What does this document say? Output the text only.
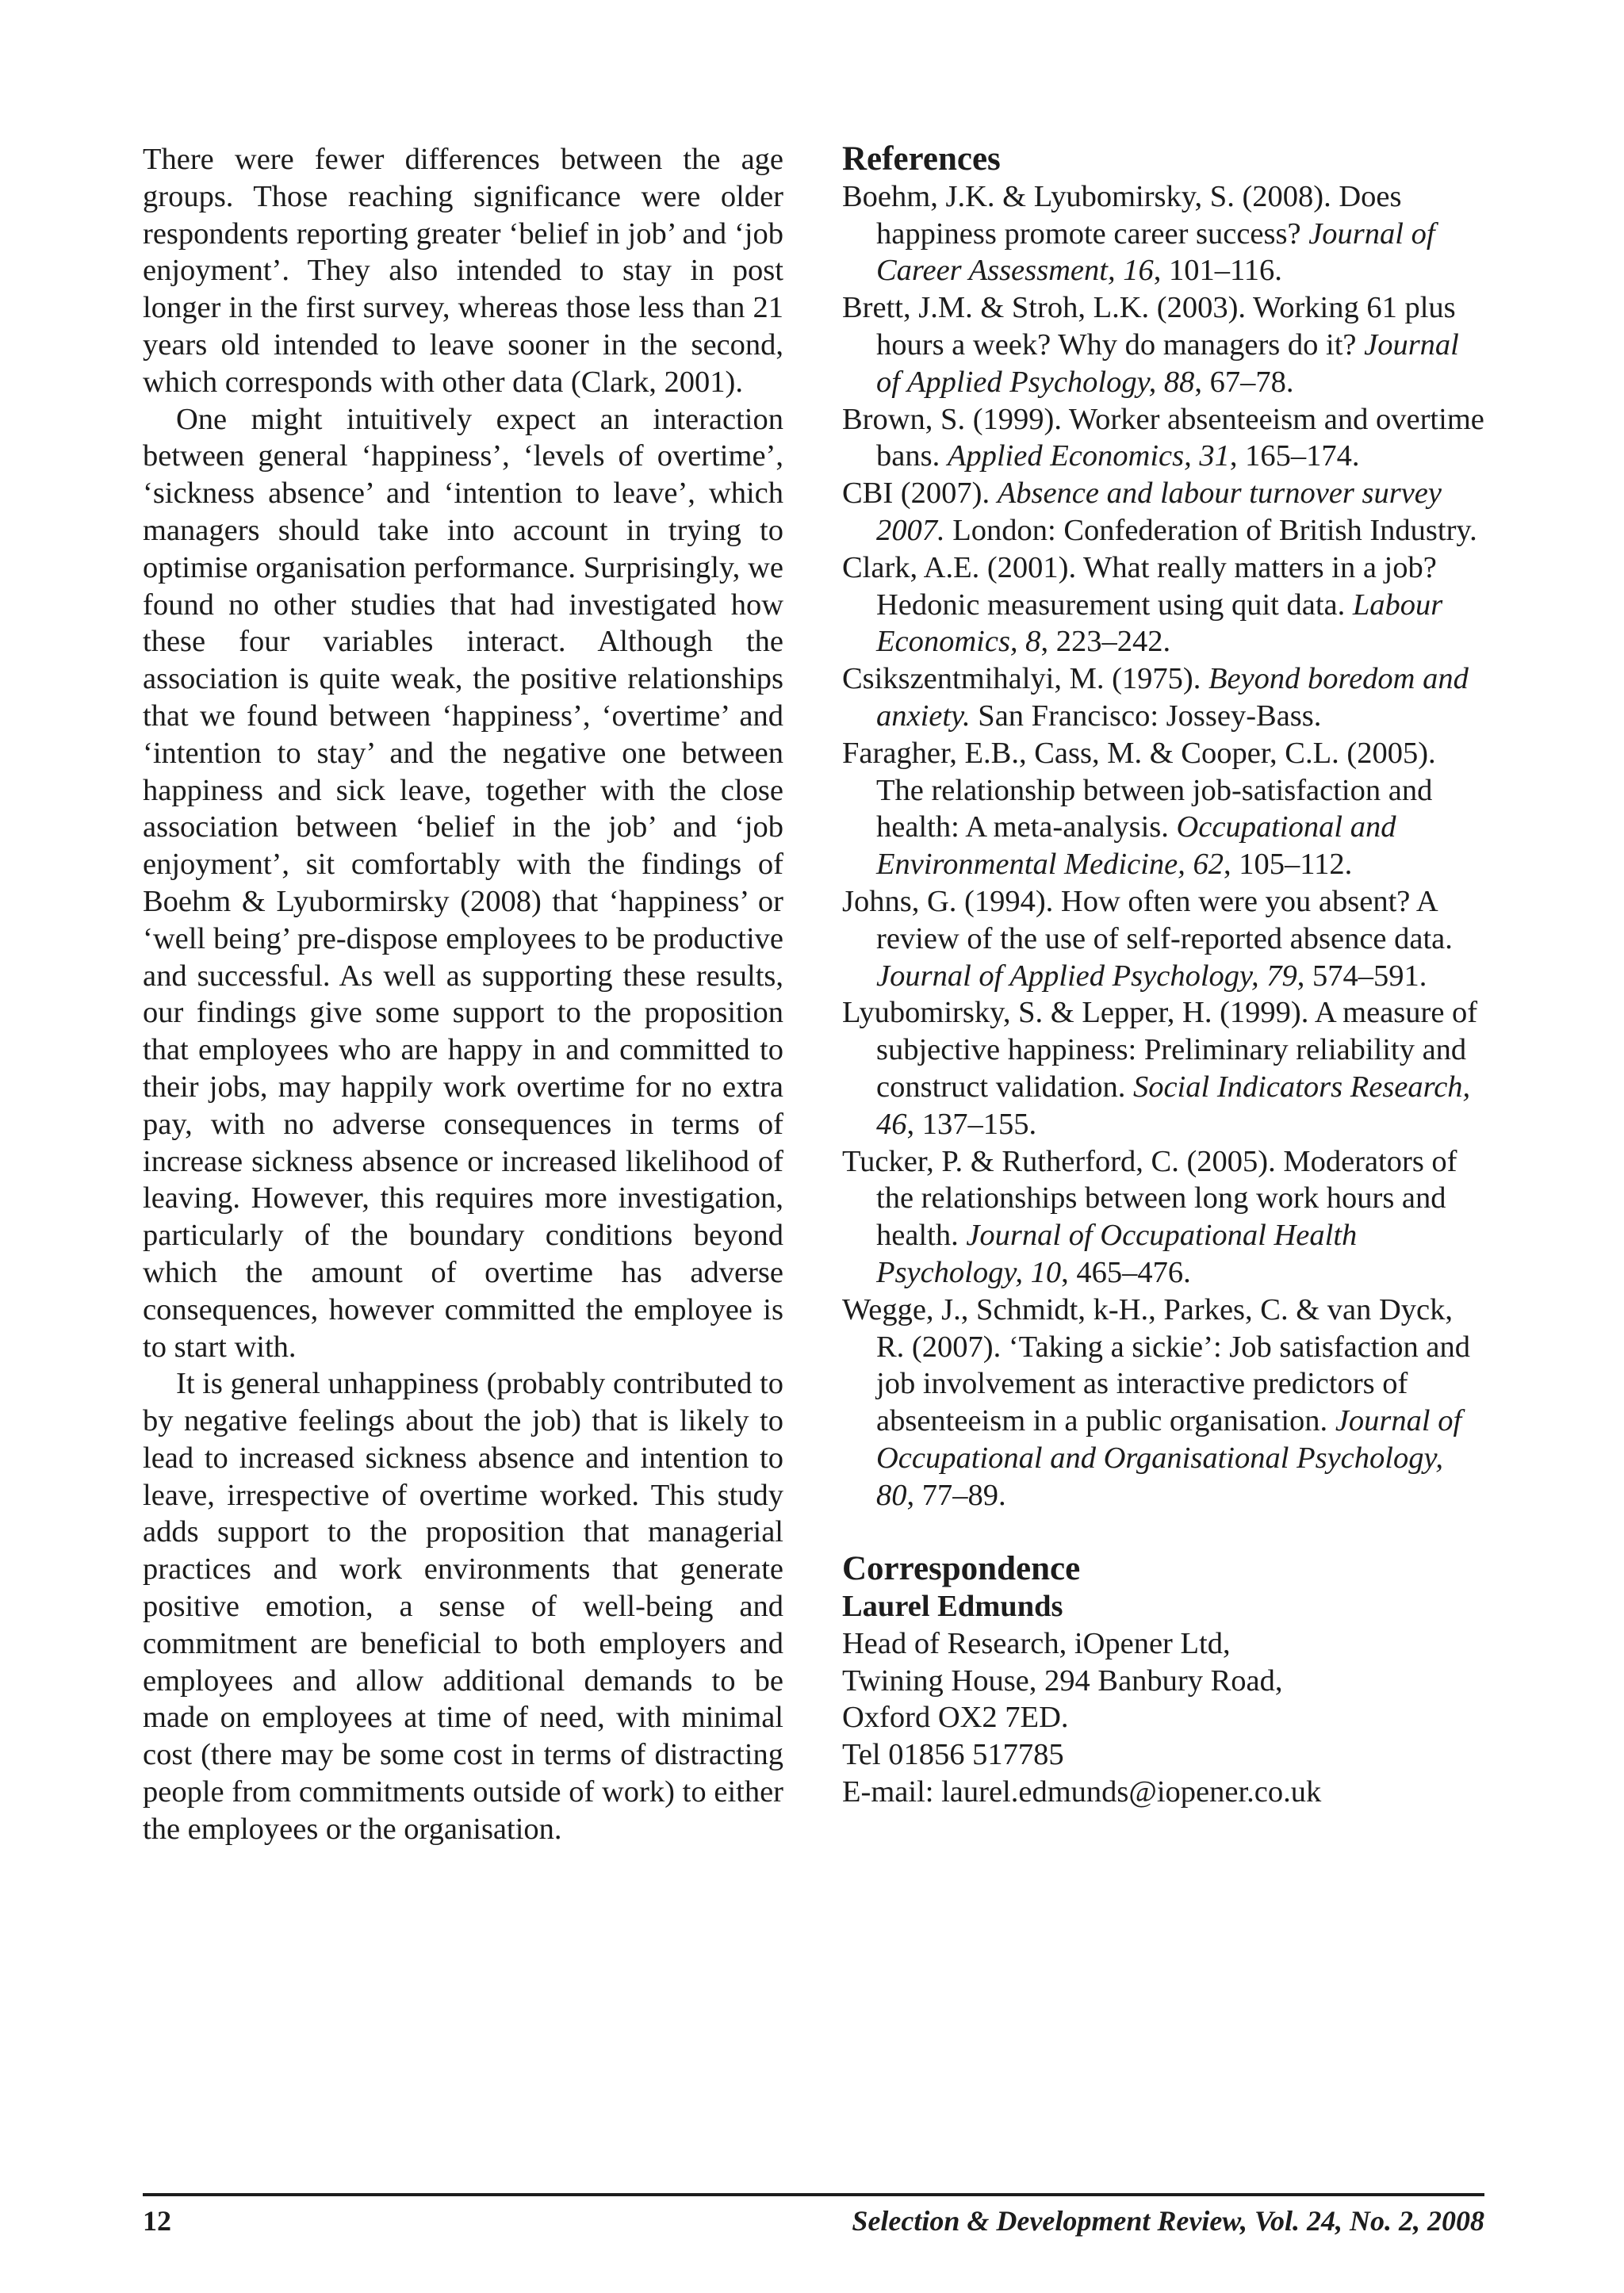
There were fewer differences between the age groups. Those reaching significance were older respondents reporting greater ‘belief in job’ and ‘job enjoyment’. They also intended to stay in post longer in the first survey, whereas those less than 21 years old intended to leave sooner in the second, which corresponds with other data (Clark, 2001).

One might intuitively expect an interaction between general ‘happiness’, ‘levels of overtime’, ‘sickness absence’ and ‘intention to leave’, which managers should take into account in trying to optimise organisation performance. Surprisingly, we found no other studies that had investigated how these four variables interact. Although the association is quite weak, the positive relationships that we found between ‘happiness’, ‘overtime’ and ‘intention to stay’ and the negative one between happiness and sick leave, together with the close association between ‘belief in the job’ and ‘job enjoyment’, sit comfortably with the findings of Boehm & Lyubormirsky (2008) that ‘happiness’ or ‘well being’ pre-dispose employees to be productive and successful. As well as supporting these results, our findings give some support to the proposition that employees who are happy in and committed to their jobs, may happily work overtime for no extra pay, with no adverse consequences in terms of increase sickness absence or increased likelihood of leaving. However, this requires more investigation, particularly of the boundary conditions beyond which the amount of overtime has adverse consequences, however committed the employee is to start with.

It is general unhappiness (probably contributed to by negative feelings about the job) that is likely to lead to increased sickness absence and intention to leave, irrespective of overtime worked. This study adds support to the proposition that managerial practices and work environments that generate positive emotion, a sense of well-being and commitment are beneficial to both employers and employees and allow additional demands to be made on employees at time of need, with minimal cost (there may be some cost in terms of distracting people from commitments outside of work) to either the employees or the organisation.

References

Boehm, J.K. & Lyubomirsky, S. (2008). Does happiness promote career success? Journal of Career Assessment, 16, 101–116.

Brett, J.M. & Stroh, L.K. (2003). Working 61 plus hours a week? Why do managers do it? Journal of Applied Psychology, 88, 67–78.

Brown, S. (1999). Worker absenteeism and overtime bans. Applied Economics, 31, 165–174.

CBI (2007). Absence and labour turnover survey 2007. London: Confederation of British Industry.

Clark, A.E. (2001). What really matters in a job? Hedonic measurement using quit data. Labour Economics, 8, 223–242.

Csikszentmihalyi, M. (1975). Beyond boredom and anxiety. San Francisco: Jossey-Bass.

Faragher, E.B., Cass, M. & Cooper, C.L. (2005). The relationship between job-satisfaction and health: A meta-analysis. Occupational and Environmental Medicine, 62, 105–112.

Johns, G. (1994). How often were you absent? A review of the use of self-reported absence data. Journal of Applied Psychology, 79, 574–591.

Lyubomirsky, S. & Lepper, H. (1999). A measure of subjective happiness: Preliminary reliability and construct validation. Social Indicators Research, 46, 137–155.

Tucker, P. & Rutherford, C. (2005). Moderators of the relationships between long work hours and health. Journal of Occupational Health Psychology, 10, 465–476.

Wegge, J., Schmidt, k-H., Parkes, C. & van Dyck, R. (2007). ‘Taking a sickie’: Job satisfaction and job involvement as interactive predictors of absenteeism in a public organisation. Journal of Occupational and Organisational Psychology, 80, 77–89.

Correspondence

Laurel Edmunds

Head of Research, iOpener Ltd,

Twining House, 294 Banbury Road,

Oxford OX2 7ED.

Tel 01856 517785

E-mail: laurel.edmunds@iopener.co.uk

12	Selection & Development Review, Vol. 24, No. 2, 2008
